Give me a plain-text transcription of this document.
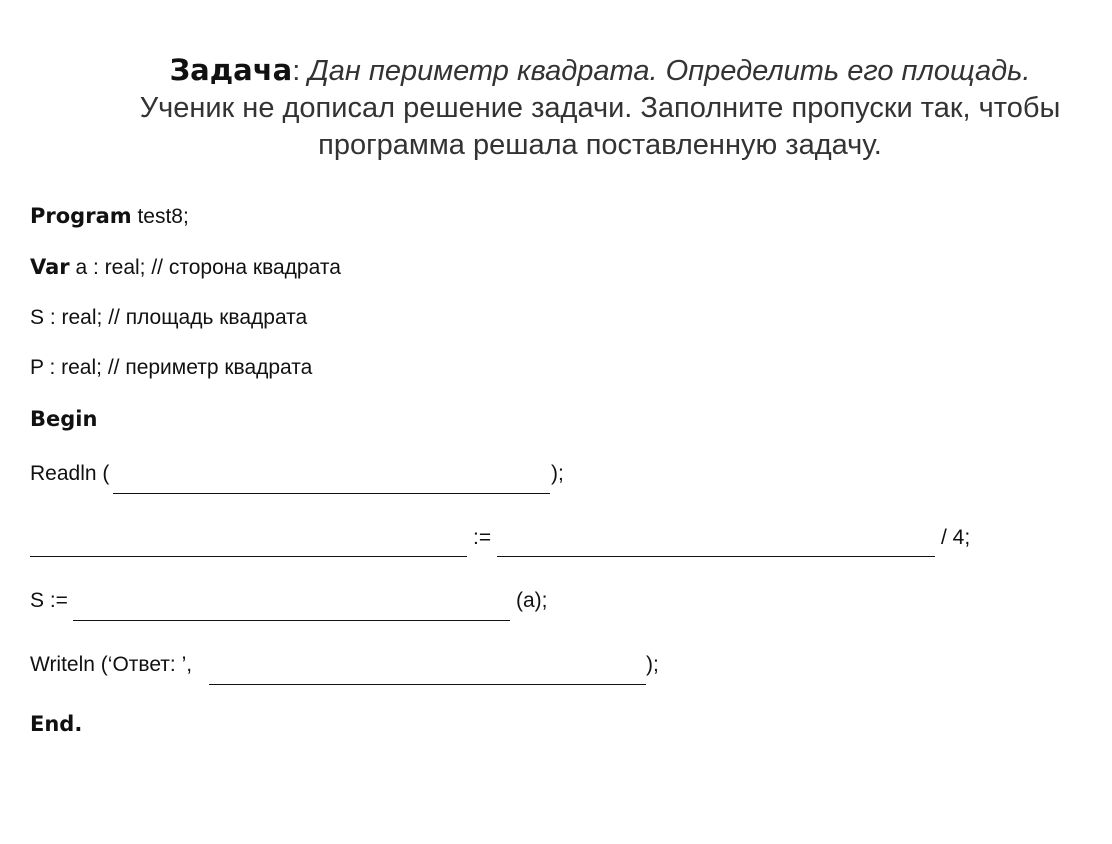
Задача: Дан периметр квадрата. Определить его площадь.
Ученик не дописал решение задачи. Заполните пропуски так, чтобы
программа решала поставленную задачу.
Program test8;
Var a : real; // сторона квадрата
S : real; // площадь квадрата
P : real; // периметр квадрата
Begin
Readln (	);
:=	/ 4;
S :=	(a);
Writeln (‘Ответ: ’,	);
End.
